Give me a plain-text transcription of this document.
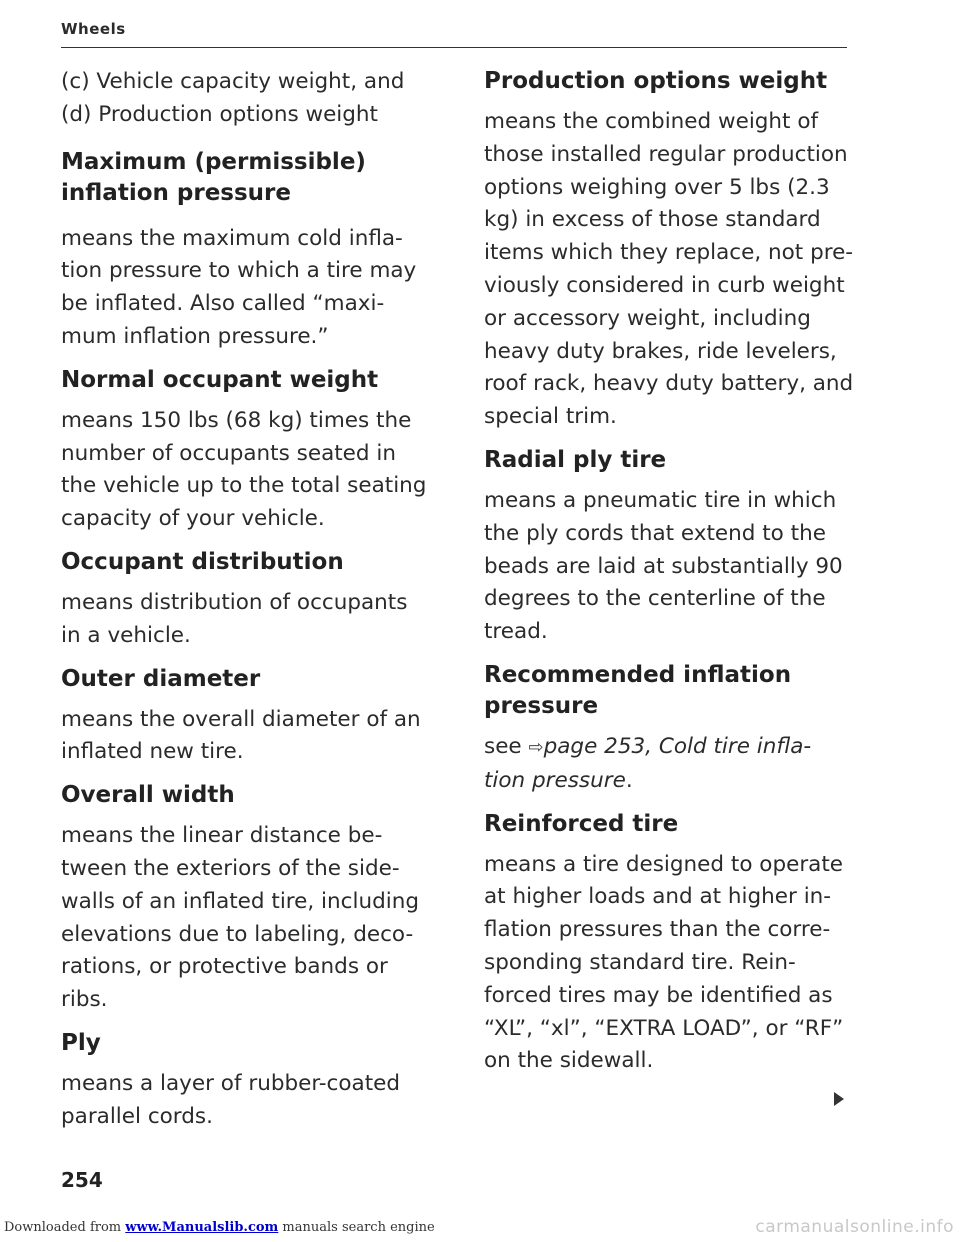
Wheels
(c) Vehicle capacity weight, and
(d) Production options weight
Maximum (permissible)
inflation pressure
means the maximum cold infla-
tion pressure to which a tire may
be inflated. Also called “maxi-
mum inflation pressure.”
Normal occupant weight
means 150 lbs (68 kg) times the
number of occupants seated in
the vehicle up to the total seating
capacity of your vehicle.
Occupant distribution
means distribution of occupants
in a vehicle.
Outer diameter
means the overall diameter of an
inflated new tire.
Overall width
means the linear distance be-
tween the exteriors of the side-
walls of an inflated tire, including
elevations due to labeling, deco-
rations, or protective bands or
ribs.
Ply
means a layer of rubber-coated
parallel cords.
Production options weight
means the combined weight of
those installed regular production
options weighing over 5 lbs (2.3
kg) in excess of those standard
items which they replace, not pre-
viously considered in curb weight
or accessory weight, including
heavy duty brakes, ride levelers,
roof rack, heavy duty battery, and
special trim.
Radial ply tire
means a pneumatic tire in which
the ply cords that extend to the
beads are laid at substantially 90
degrees to the centerline of the
tread.
Recommended inflation
pressure
see ⇨page 253, Cold tire infla-
tion pressure.
Reinforced tire
means a tire designed to operate
at higher loads and at higher in-
flation pressures than the corre-
sponding standard tire. Rein-
forced tires may be identified as
“XL”, “xl”, “EXTRA LOAD”, or “RF”
on the sidewall.
254
Downloaded from www.Manualslib.com manuals search engine	carmanualsonline.info
